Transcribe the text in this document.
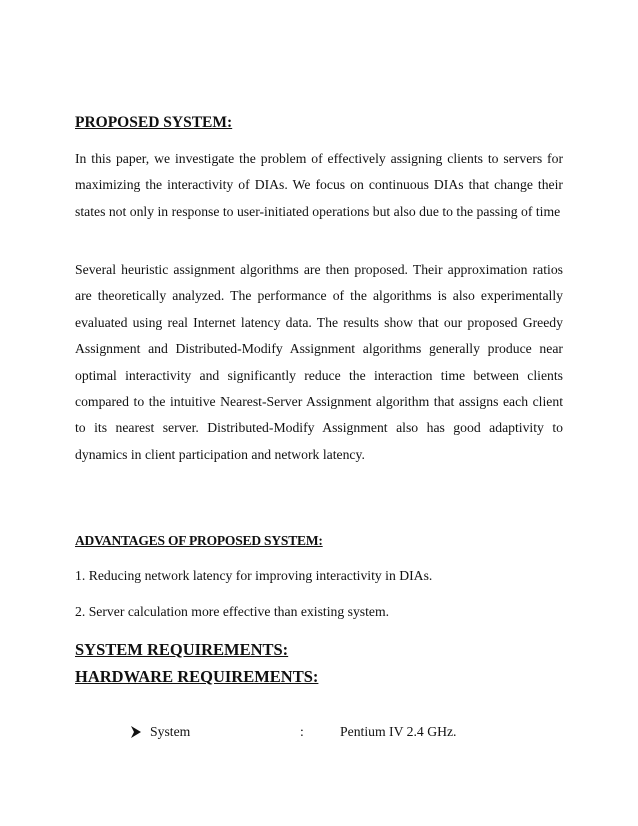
PROPOSED SYSTEM:
In this paper, we investigate the problem of effectively assigning clients to servers for maximizing the interactivity of DIAs. We focus on continuous DIAs that change their states not only in response to user-initiated operations but also due to the passing of time
Several heuristic assignment algorithms are then proposed. Their approximation ratios are theoretically analyzed. The performance of the algorithms is also experimentally evaluated using real Internet latency data. The results show that our proposed Greedy Assignment and Distributed-Modify Assignment algorithms generally produce near optimal interactivity and significantly reduce the interaction time between clients compared to the intuitive Nearest-Server Assignment algorithm that assigns each client to its nearest server. Distributed-Modify Assignment also has good adaptivity to dynamics in client participation and network latency.
ADVANTAGES OF PROPOSED SYSTEM:
1. Reducing network latency for improving interactivity in DIAs.
2. Server calculation more effective than existing system.
SYSTEM REQUIREMENTS:
HARDWARE REQUIREMENTS:
System	:	Pentium IV 2.4 GHz.
